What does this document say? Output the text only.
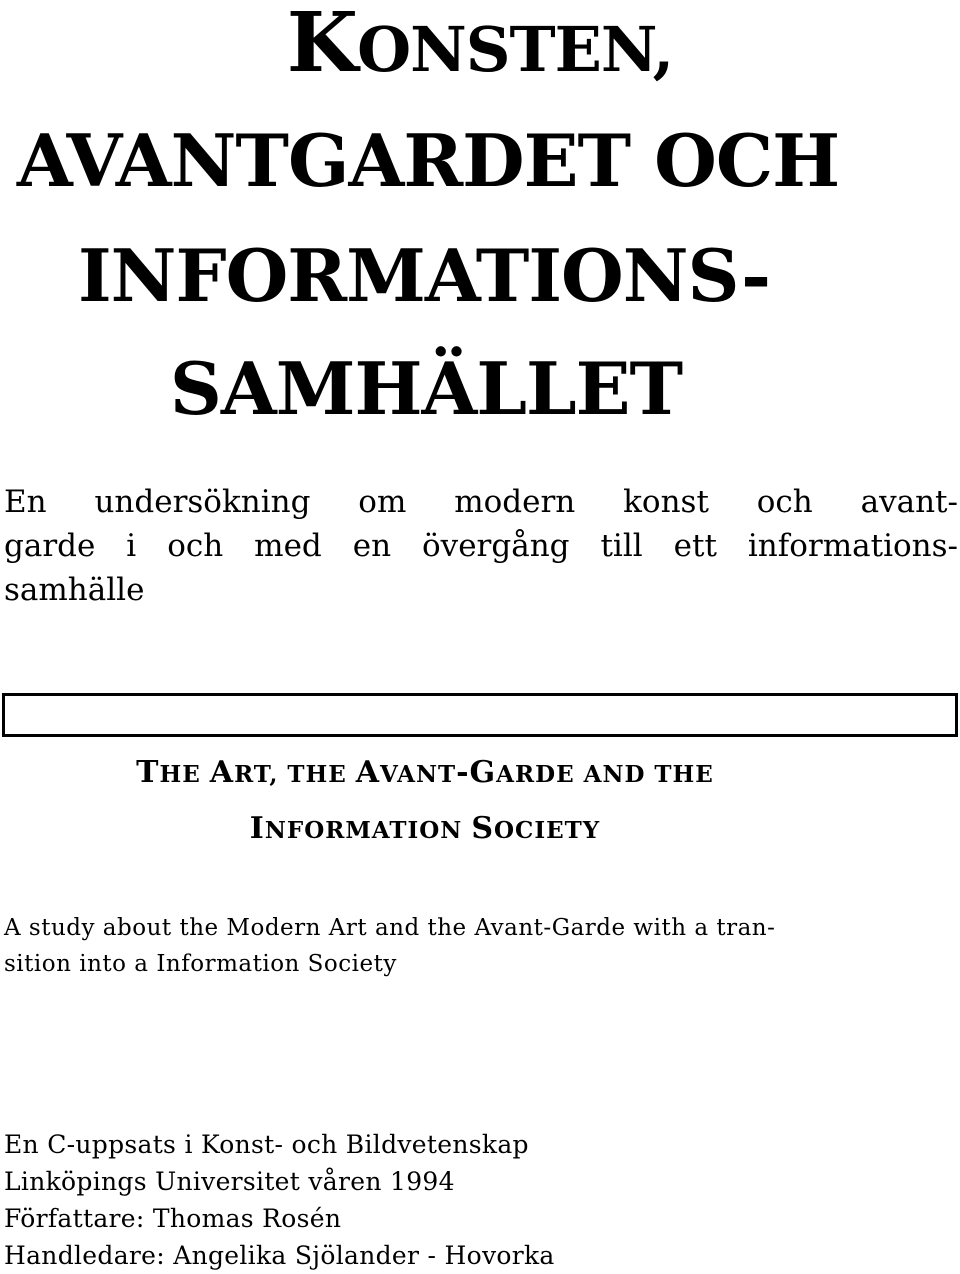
KONSTEN,
AVANTGARDET OCH
INFORMATIONS-
SAMHÄLLET
En undersökning om modern konst och avant-
garde i och med en övergång till ett informations-
samhälle
THE ART, THE AVANT-GARDE AND THE
INFORMATION SOCIETY
A study about the Modern Art and the Avant-Garde with a tran-
sition into a Information Society
En C-uppsats i Konst- och Bildvetenskap
Linköpings Universitet våren 1994
Författare: Thomas Rosén
Handledare: Angelika Sjölander - Hovorka
